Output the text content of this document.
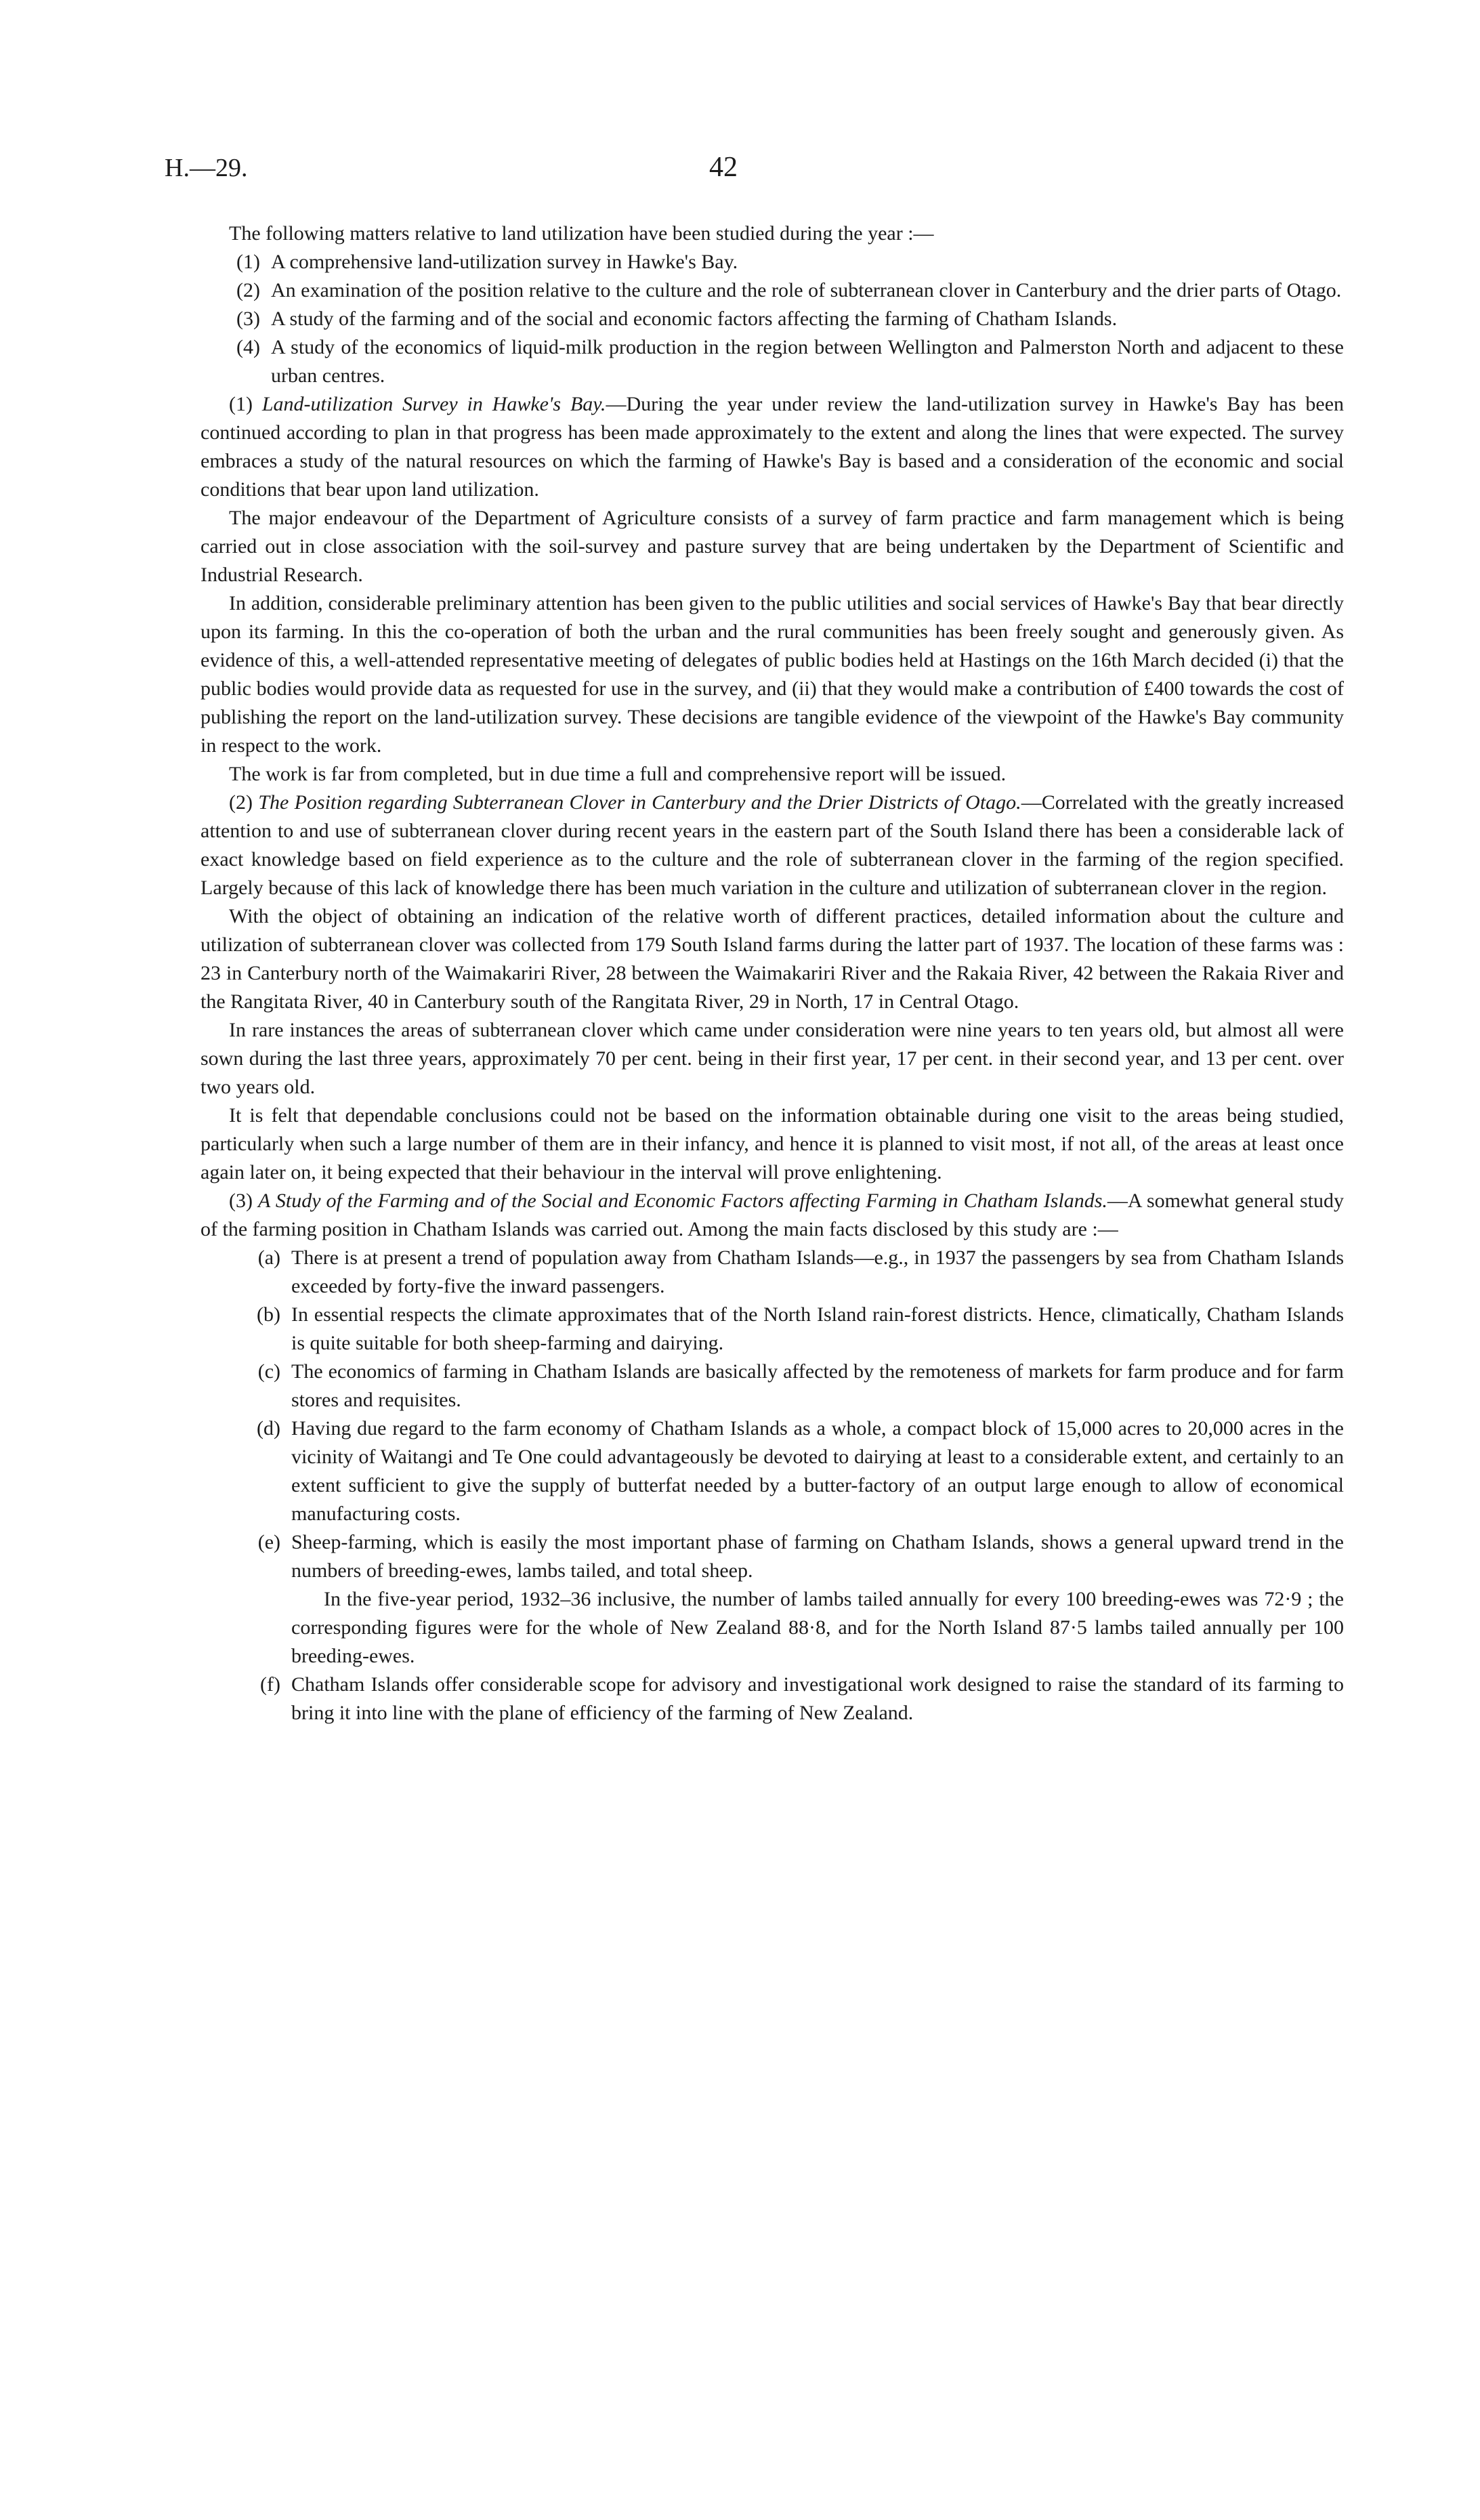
H.—29.	42

The following matters relative to land utilization have been studied during the year :—

(1) A comprehensive land-utilization survey in Hawke's Bay.
(2) An examination of the position relative to the culture and the role of subterranean clover in Canterbury and the drier parts of Otago.
(3) A study of the farming and of the social and economic factors affecting the farming of Chatham Islands.
(4) A study of the economics of liquid-milk production in the region between Wellington and Palmerston North and adjacent to these urban centres.

(1) Land-utilization Survey in Hawke's Bay.—During the year under review the land-utilization survey in Hawke's Bay has been continued according to plan in that progress has been made approximately to the extent and along the lines that were expected. The survey embraces a study of the natural resources on which the farming of Hawke's Bay is based and a consideration of the economic and social conditions that bear upon land utilization.

The major endeavour of the Department of Agriculture consists of a survey of farm practice and farm management which is being carried out in close association with the soil-survey and pasture survey that are being undertaken by the Department of Scientific and Industrial Research.

In addition, considerable preliminary attention has been given to the public utilities and social services of Hawke's Bay that bear directly upon its farming. In this the co-operation of both the urban and the rural communities has been freely sought and generously given. As evidence of this, a well-attended representative meeting of delegates of public bodies held at Hastings on the 16th March decided (i) that the public bodies would provide data as requested for use in the survey, and (ii) that they would make a contribution of £400 towards the cost of publishing the report on the land-utilization survey. These decisions are tangible evidence of the viewpoint of the Hawke's Bay community in respect to the work.

The work is far from completed, but in due time a full and comprehensive report will be issued.

(2) The Position regarding Subterranean Clover in Canterbury and the Drier Districts of Otago.—Correlated with the greatly increased attention to and use of subterranean clover during recent years in the eastern part of the South Island there has been a considerable lack of exact knowledge based on field experience as to the culture and the role of subterranean clover in the farming of the region specified. Largely because of this lack of knowledge there has been much variation in the culture and utilization of subterranean clover in the region.

With the object of obtaining an indication of the relative worth of different practices, detailed information about the culture and utilization of subterranean clover was collected from 179 South Island farms during the latter part of 1937. The location of these farms was : 23 in Canterbury north of the Waimakariri River, 28 between the Waimakariri River and the Rakaia River, 42 between the Rakaia River and the Rangitata River, 40 in Canterbury south of the Rangitata River, 29 in North, 17 in Central Otago.

In rare instances the areas of subterranean clover which came under consideration were nine years to ten years old, but almost all were sown during the last three years, approximately 70 per cent. being in their first year, 17 per cent. in their second year, and 13 per cent. over two years old.

It is felt that dependable conclusions could not be based on the information obtainable during one visit to the areas being studied, particularly when such a large number of them are in their infancy, and hence it is planned to visit most, if not all, of the areas at least once again later on, it being expected that their behaviour in the interval will prove enlightening.

(3) A Study of the Farming and of the Social and Economic Factors affecting Farming in Chatham Islands.—A somewhat general study of the farming position in Chatham Islands was carried out. Among the main facts disclosed by this study are :—

(a) There is at present a trend of population away from Chatham Islands—e.g., in 1937 the passengers by sea from Chatham Islands exceeded by forty-five the inward passengers.
(b) In essential respects the climate approximates that of the North Island rain-forest districts. Hence, climatically, Chatham Islands is quite suitable for both sheep-farming and dairying.
(c) The economics of farming in Chatham Islands are basically affected by the remoteness of markets for farm produce and for farm stores and requisites.
(d) Having due regard to the farm economy of Chatham Islands as a whole, a compact block of 15,000 acres to 20,000 acres in the vicinity of Waitangi and Te One could advantageously be devoted to dairying at least to a considerable extent, and certainly to an extent sufficient to give the supply of butterfat needed by a butter-factory of an output large enough to allow of economical manufacturing costs.
(e) Sheep-farming, which is easily the most important phase of farming on Chatham Islands, shows a general upward trend in the numbers of breeding-ewes, lambs tailed, and total sheep.

In the five-year period, 1932–36 inclusive, the number of lambs tailed annually for every 100 breeding-ewes was 72·9 ; the corresponding figures were for the whole of New Zealand 88·8, and for the North Island 87·5 lambs tailed annually per 100 breeding-ewes.

(f) Chatham Islands offer considerable scope for advisory and investigational work designed to raise the standard of its farming to bring it into line with the plane of efficiency of the farming of New Zealand.
